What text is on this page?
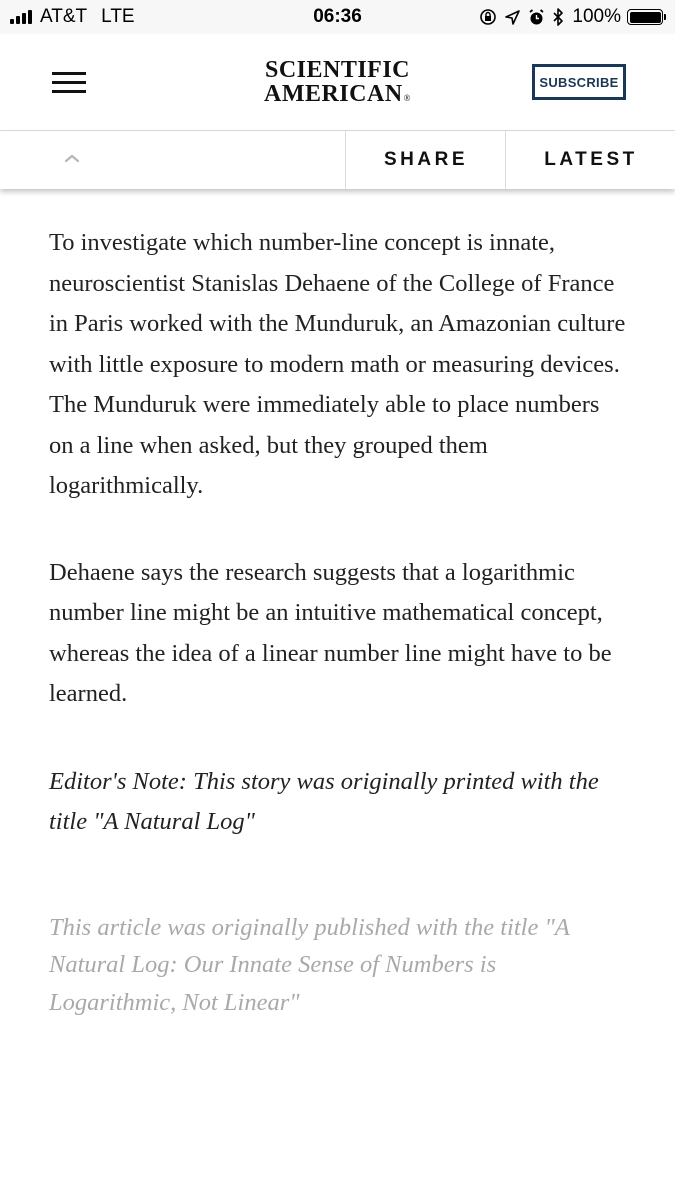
AT&T LTE	06:36	100%
SCIENTIFIC
AMERICAN®
SUBSCRIBE
SHARE	LATEST

To investigate which number-line concept is innate, neuroscientist Stanislas Dehaene of the College of France in Paris worked with the Munduruk, an Amazonian culture with little exposure to modern math or measuring devices. The Munduruk were immediately able to place numbers on a line when asked, but they grouped them logarithmically.

Dehaene says the research suggests that a logarithmic number line might be an intuitive mathematical concept, whereas the idea of a linear number line might have to be learned.

Editor's Note: This story was originally printed with the title "A Natural Log"

This article was originally published with the title "A Natural Log: Our Innate Sense of Numbers is Logarithmic, Not Linear"
